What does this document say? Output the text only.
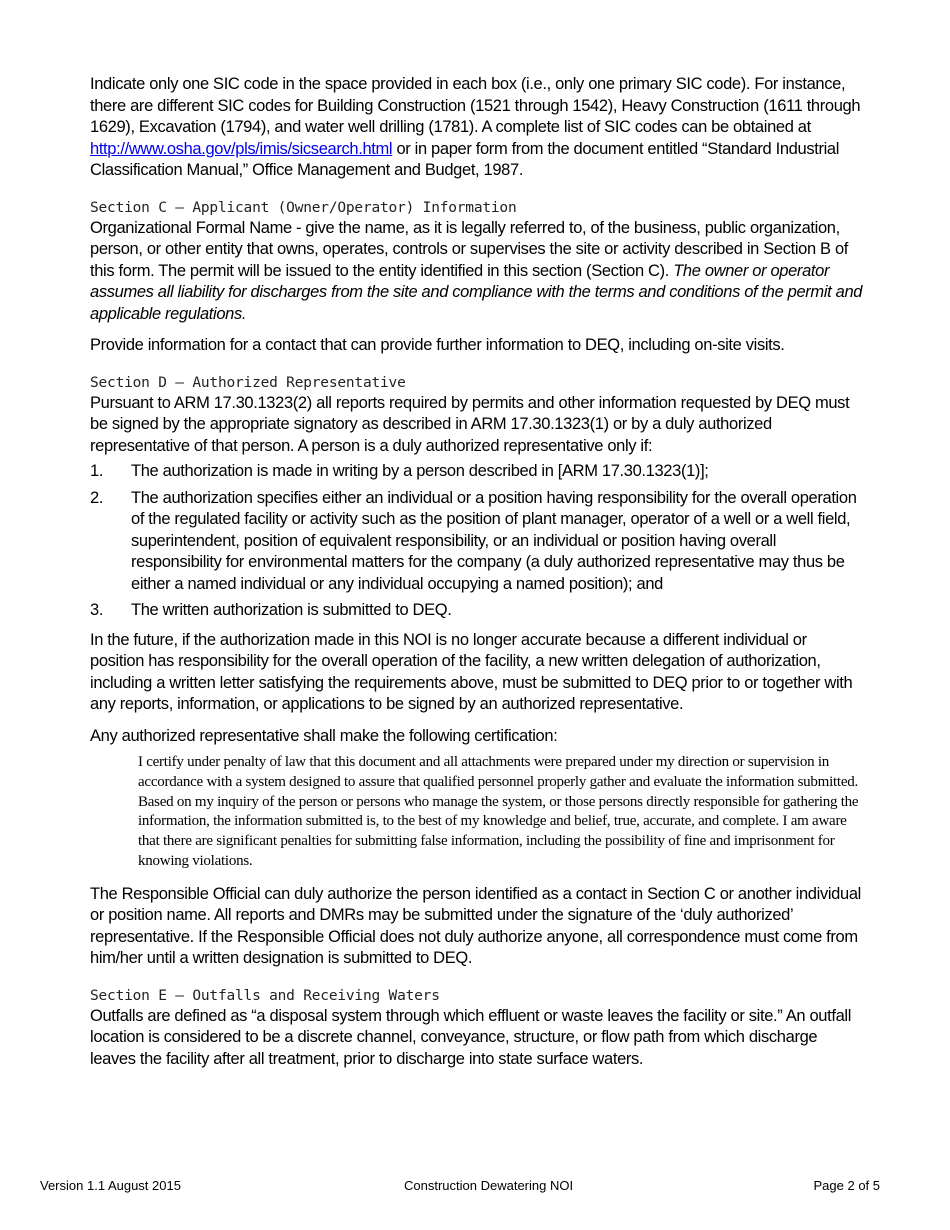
Indicate only one SIC code in the space provided in each box (i.e., only one primary SIC code). For instance, there are different SIC codes for Building Construction (1521 through 1542), Heavy Construction (1611 through 1629), Excavation (1794), and water well drilling (1781). A complete list of SIC codes can be obtained at http://www.osha.gov/pls/imis/sicsearch.html or in paper form from the document entitled “Standard Industrial Classification Manual,” Office Management and Budget, 1987.

Section C – Applicant (Owner/Operator) Information

Organizational Formal Name - give the name, as it is legally referred to, of the business, public organization, person, or other entity that owns, operates, controls or supervises the site or activity described in Section B of this form. The permit will be issued to the entity identified in this section (Section C). The owner or operator assumes all liability for discharges from the site and compliance with the terms and conditions of the permit and applicable regulations.

Provide information for a contact that can provide further information to DEQ, including on-site visits.

Section D – Authorized Representative

Pursuant to ARM 17.30.1323(2) all reports required by permits and other information requested by DEQ must be signed by the appropriate signatory as described in ARM 17.30.1323(1) or by a duly authorized representative of that person. A person is a duly authorized representative only if:

1. The authorization is made in writing by a person described in [ARM 17.30.1323(1)];
2. The authorization specifies either an individual or a position having responsibility for the overall operation of the regulated facility or activity such as the position of plant manager, operator of a well or a well field, superintendent, position of equivalent responsibility, or an individual or position having overall responsibility for environmental matters for the company (a duly authorized representative may thus be either a named individual or any individual occupying a named position); and
3. The written authorization is submitted to DEQ.

In the future, if the authorization made in this NOI is no longer accurate because a different individual or position has responsibility for the overall operation of the facility, a new written delegation of authorization, including a written letter satisfying the requirements above, must be submitted to DEQ prior to or together with any reports, information, or applications to be signed by an authorized representative.

Any authorized representative shall make the following certification:

I certify under penalty of law that this document and all attachments were prepared under my direction or supervision in accordance with a system designed to assure that qualified personnel properly gather and evaluate the information submitted. Based on my inquiry of the person or persons who manage the system, or those persons directly responsible for gathering the information, the information submitted is, to the best of my knowledge and belief, true, accurate, and complete. I am aware that there are significant penalties for submitting false information, including the possibility of fine and imprisonment for knowing violations.

The Responsible Official can duly authorize the person identified as a contact in Section C or another individual or position name. All reports and DMRs may be submitted under the signature of the ‘duly authorized’ representative. If the Responsible Official does not duly authorize anyone, all correspondence must come from him/her until a written designation is submitted to DEQ.

Section E – Outfalls and Receiving Waters

Outfalls are defined as “a disposal system through which effluent or waste leaves the facility or site.” An outfall location is considered to be a discrete channel, conveyance, structure, or flow path from which discharge leaves the facility after all treatment, prior to discharge into state surface waters.

Version 1.1 August 2015	Construction Dewatering NOI	Page 2 of 5
